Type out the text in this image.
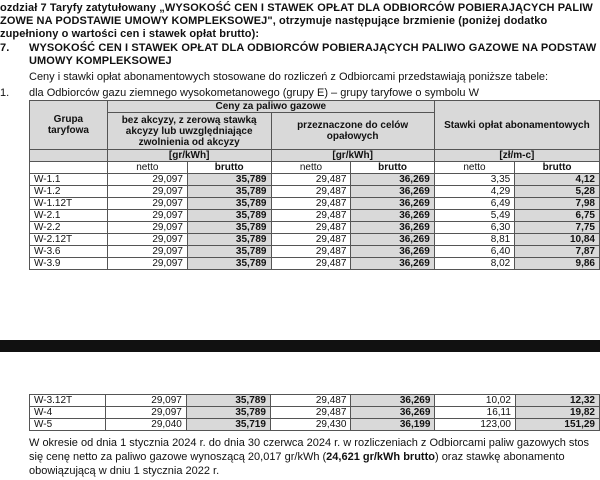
ozdział 7 Taryfy zatytułowany „WYSOKOŚĆ CEN I STAWEK OPŁAT DLA ODBIORCÓW POBIERAJĄCYCH PALIW
ZOWE NA PODSTAWIE UMOWY KOMPLEKSOWEJ", otrzymuje następujące brzmienie (poniżej dodatko
zupełniony o wartości cen i stawek opłat brutto):
7. WYSOKOŚĆ CEN I STAWEK OPŁAT DLA ODBIORCÓW POBIERAJĄCYCH PALIWO GAZOWE NA PODSTAW
UMOWY KOMPLEKSOWEJ
Ceny i stawki opłat abonamentowych stosowane do rozliczeń z Odbiorcami przedstawiają poniższe tabele:
1. dla Odbiorców gazu ziemnego wysokometanowego (grupy E) – grupy taryfowe o symbolu W
Grupa taryfowa	Ceny za paliwo gazowe				Stawki opłat abonamentowych	
	bez akcyzy, z zerową stawką akcyzy lub uwzględniające zwolnienia od akcyzy		przeznaczone do celów opałowych			

	[gr/kWh]		[gr/kWh]		[zł/m-c]	
	netto	brutto	netto	brutto	netto	brutto
W-1.1	29,097	35,789	29,487	36,269	3,35	4,12
W-1.2	29,097	35,789	29,487	36,269	4,29	5,28
W-1.12T	29,097	35,789	29,487	36,269	6,49	7,98
W-2.1	29,097	35,789	29,487	36,269	5,49	6,75
W-2.2	29,097	35,789	29,487	36,269	6,30	7,75
W-2.12T	29,097	35,789	29,487	36,269	8,81	10,84
W-3.6	29,097	35,789	29,487	36,269	6,40	7,87
W-3.9	29,097	35,789	29,487	36,269	8,02	9,86
W-3.12T	29,097	35,789	29,487	36,269	10,02	12,32
W-4	29,097	35,789	29,487	36,269	16,11	19,82
W-5	29,040	35,719	29,430	36,199	123,00	151,29
W okresie od dnia 1 stycznia 2024 r. do dnia 30 czerwca 2024 r. w rozliczeniach z Odbiorcami paliw gazowych stos
się cenę netto za paliwo gazowe wynoszącą 20,017 gr/kWh (24,621 gr/kWh brutto) oraz stawkę abonamento
obowiązującą w dniu 1 stycznia 2022 r.
